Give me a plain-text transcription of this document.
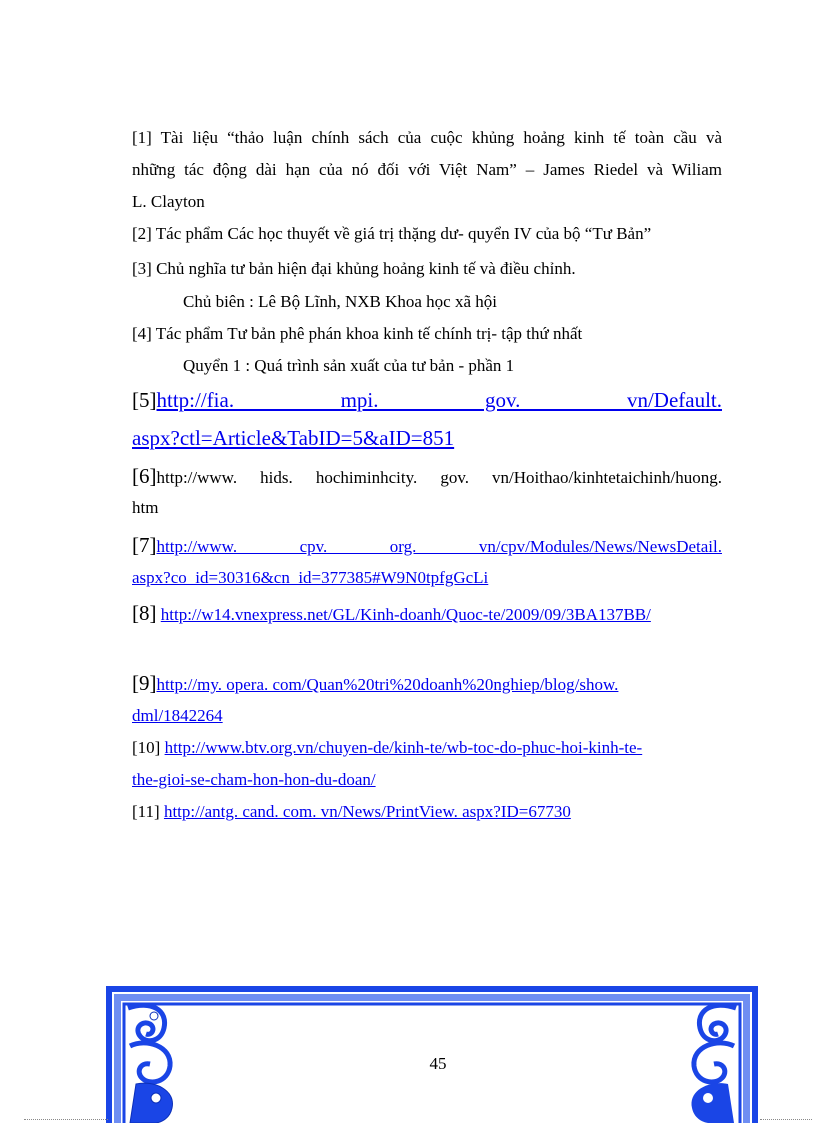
[1] Tài liệu “thảo luận chính sách của cuộc khủng hoảng kinh tế toàn cầu và
những tác động dài hạn của nó đối với Việt Nam” – James Riedel và Wiliam
L. Clayton
[2] Tác phẩm Các học thuyết về giá trị thặng dư- quyển IV của bộ “Tư Bản”
[3] Chủ nghĩa tư bản hiện đại khủng hoảng kinh tế và điều chỉnh.
Chủ biên : Lê Bộ Lĩnh, NXB Khoa học xã hội
[4] Tác phẩm Tư bản phê phán khoa kinh tế chính trị- tập thứ nhất
Quyển 1 : Quá trình sản xuất của tư bản - phần 1
[5]http://fia. mpi. gov. vn/Default.
aspx?ctl=Article&TabID=5&aID=851
[6]http://www. hids. hochiminhcity. gov. vn/Hoithao/kinhtetaichinh/huong.
htm
[7]http://www. cpv. org. vn/cpv/Modules/News/NewsDetail.
aspx?co_id=30316&cn_id=377385#W9N0tpfgGcLi
[8] http://w14.vnexpress.net/GL/Kinh-doanh/Quoc-te/2009/09/3BA137BB/
[9]http://my. opera. com/Quan%20tri%20doanh%20nghiep/blog/show.
dml/1842264
[10] http://www.btv.org.vn/chuyen-de/kinh-te/wb-toc-do-phuc-hoi-kinh-te-
the-gioi-se-cham-hon-hon-du-doan/
[11] http://antg. cand. com. vn/News/PrintView. aspx?ID=67730
45
